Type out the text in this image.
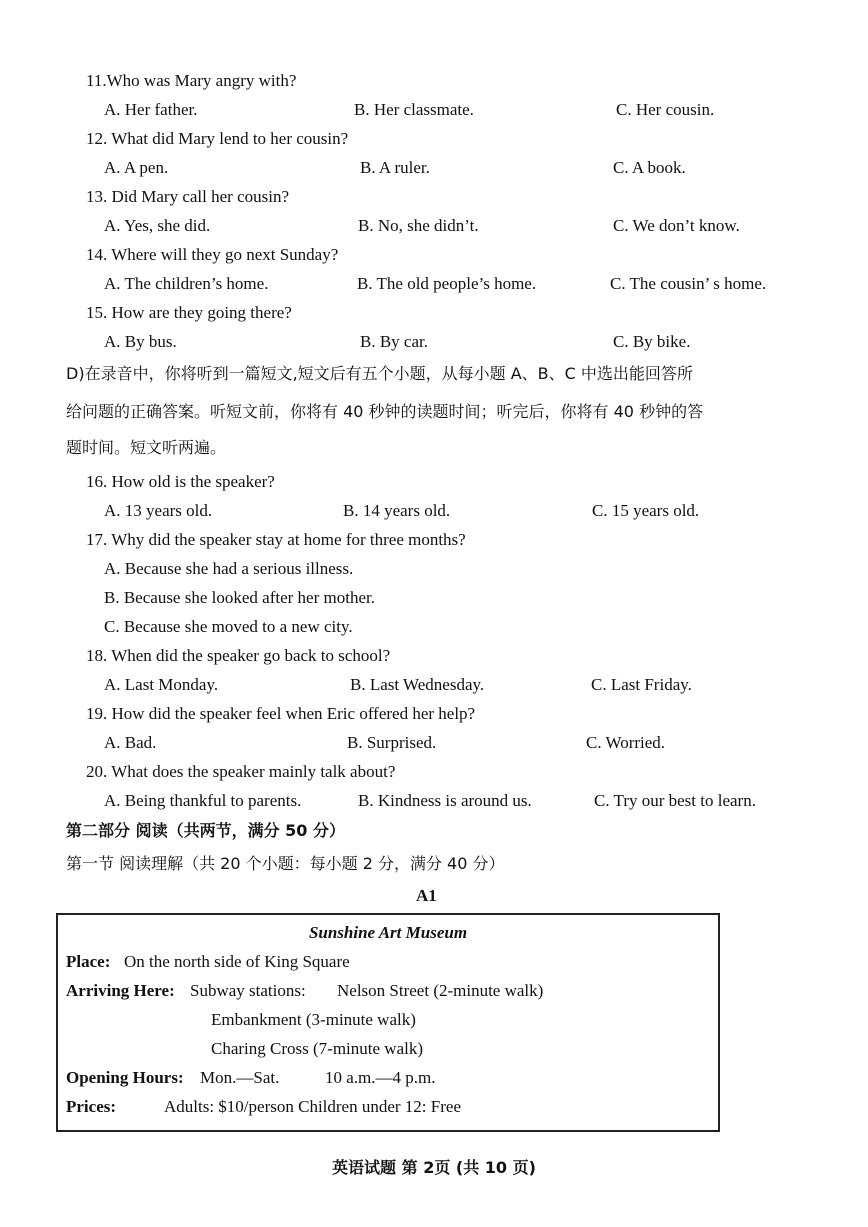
11.Who was Mary angry with?
A. Her father.	B. Her classmate.	C. Her cousin.
12. What did Mary lend to her cousin?
A. A pen.	B. A ruler.	C. A book.
13. Did Mary call her cousin?
A. Yes, she did.	B. No, she didn’t.	C. We don’t know.
14. Where will they go next Sunday?
A. The children’s home.	B. The old people’s home.	C. The cousin’ s home.
15. How are they going there?
A. By bus.	B. By car.	C. By bike.
D)在录音中，你将听到一篇短文,短文后有五个小题，从每小题 A、B、C 中选出能回答所
给问题的正确答案。听短文前，你将有 40 秒钟的读题时间；听完后，你将有 40 秒钟的答
题时间。短文听两遍。
16. How old is the speaker?
A. 13 years old.	B. 14 years old.	C. 15 years old.
17. Why did the speaker stay at home for three months?
A. Because she had a serious illness.
B. Because she looked after her mother.
C. Because she moved to a new city.
18. When did the speaker go back to school?
A. Last Monday.	B. Last Wednesday.	C. Last Friday.
19. How did the speaker feel when Eric offered her help?
A. Bad.	B. Surprised.	C. Worried.
20. What does the speaker mainly talk about?
A. Being thankful to parents.	B. Kindness is around us.	C. Try our best to learn.
第二部分 阅读（共两节，满分 50 分）
第一节 阅读理解（共 20 个小题：每小题 2 分，满分 40 分）
A1
Sunshine Art Museum
Place: On the north side of King Square
Arriving Here: Subway stations: Nelson Street (2-minute walk)
Embankment (3-minute walk)
Charing Cross (7-minute walk)
Opening Hours: Mon.—Sat.	10 a.m.—4 p.m.
Prices:	Adults: $10/person Children under 12: Free
英语试题 第 2页 (共 10 页)
